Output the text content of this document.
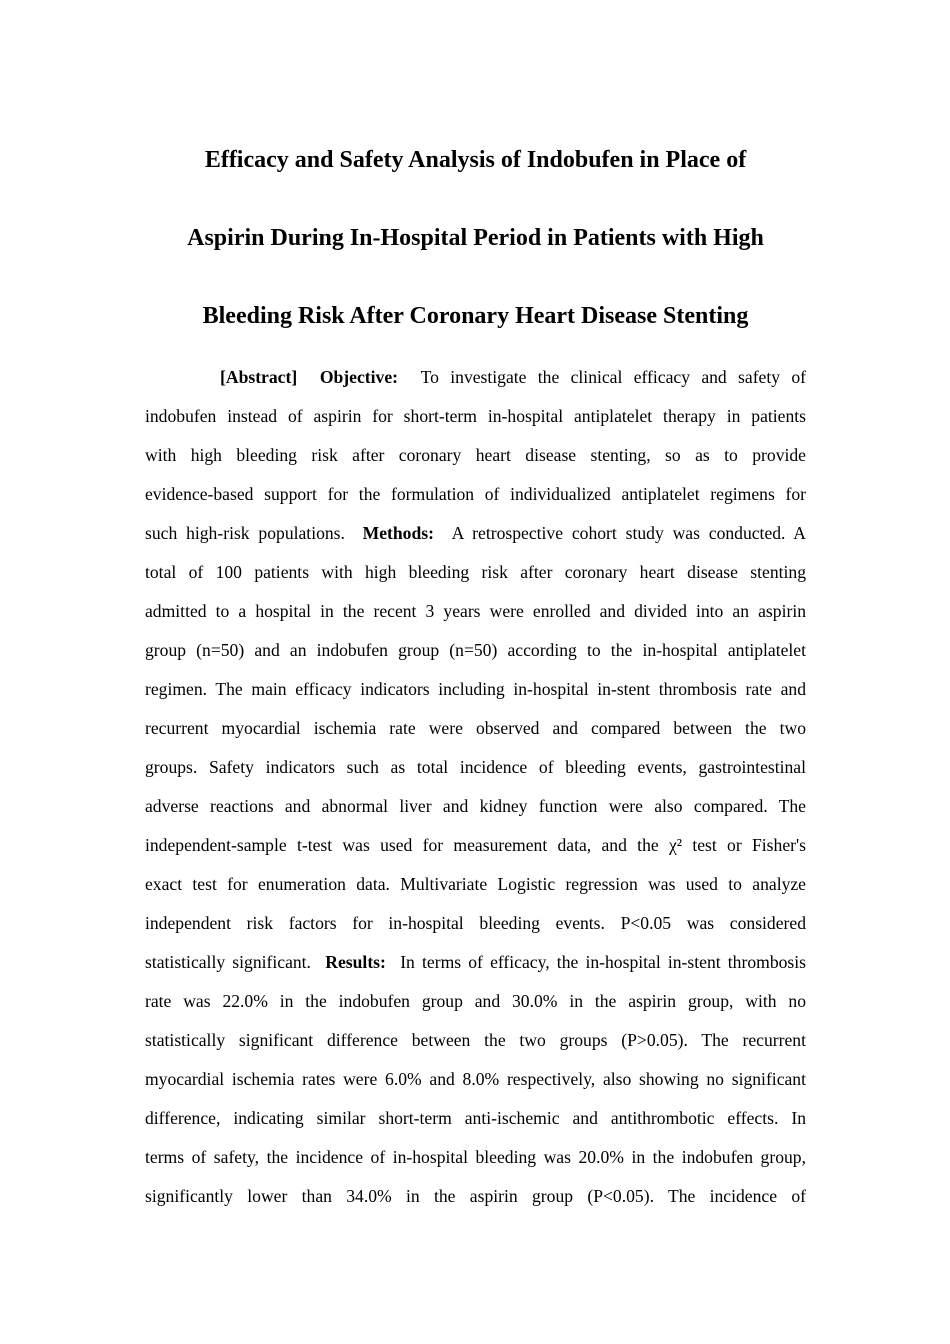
Efficacy and Safety Analysis of Indobufen in Place of
Aspirin During In-Hospital Period in Patients with High
Bleeding Risk After Coronary Heart Disease Stenting
[Abstract] Objective: To investigate the clinical efficacy and safety of
indobufen instead of aspirin for short-term in-hospital antiplatelet therapy in patients
with high bleeding risk after coronary heart disease stenting, so as to provide
evidence-based support for the formulation of individualized antiplatelet regimens for
such high-risk populations. Methods: A retrospective cohort study was conducted. A
total of 100 patients with high bleeding risk after coronary heart disease stenting
admitted to a hospital in the recent 3 years were enrolled and divided into an aspirin
group (n=50) and an indobufen group (n=50) according to the in-hospital antiplatelet
regimen. The main efficacy indicators including in-hospital in-stent thrombosis rate and
recurrent myocardial ischemia rate were observed and compared between the two
groups. Safety indicators such as total incidence of bleeding events, gastrointestinal
adverse reactions and abnormal liver and kidney function were also compared. The
independent-sample t-test was used for measurement data, and the χ² test or Fisher's
exact test for enumeration data. Multivariate Logistic regression was used to analyze
independent risk factors for in-hospital bleeding events. P<0.05 was considered
statistically significant. Results: In terms of efficacy, the in-hospital in-stent thrombosis
rate was 22.0% in the indobufen group and 30.0% in the aspirin group, with no
statistically significant difference between the two groups (P>0.05). The recurrent
myocardial ischemia rates were 6.0% and 8.0% respectively, also showing no significant
difference, indicating similar short-term anti-ischemic and antithrombotic effects. In
terms of safety, the incidence of in-hospital bleeding was 20.0% in the indobufen group,
significantly lower than 34.0% in the aspirin group (P<0.05). The incidence of
